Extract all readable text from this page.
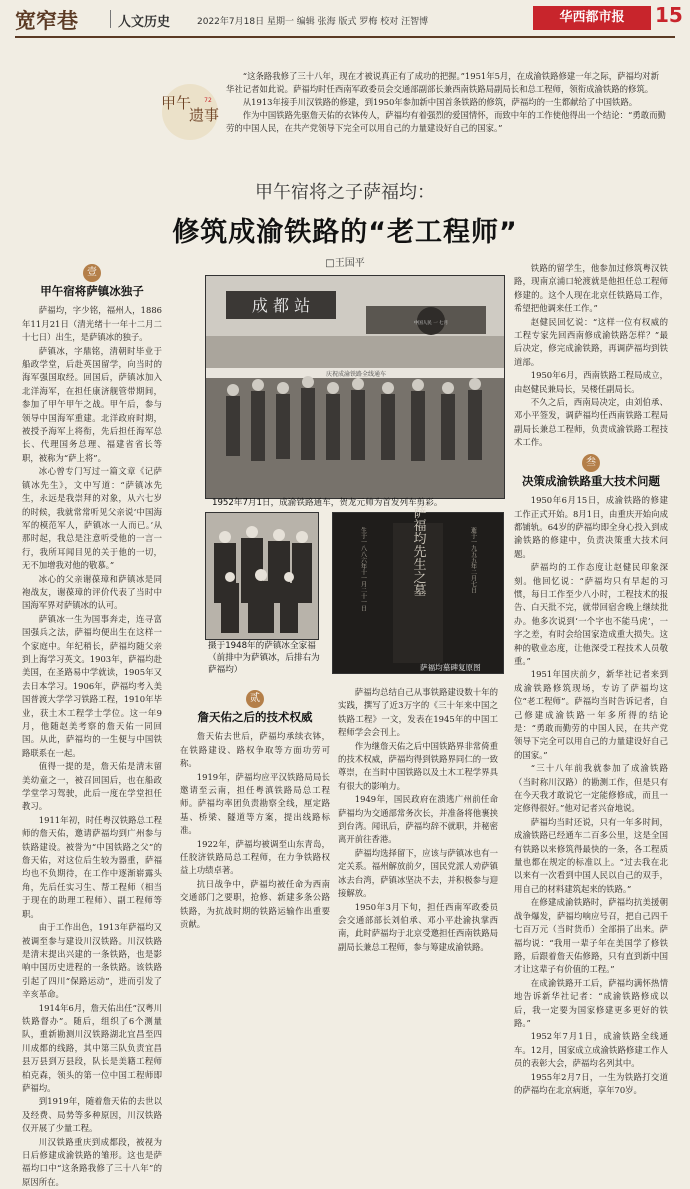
宽窄巷	人文历史	2022年7月18日 星期一 编辑 张海 版式 罗梅 校对 汪智博	华西都市报	15
甲午
遗事
72

“这条路我修了三十八年，现在才被说真正有了成功的把握。”1951年5月，在成渝铁路修建一年之际，萨福均对新华社记者如此说。萨福均时任西南军政委员会交通部副部长兼西南铁路局副局长和总工程师，领衔成渝铁路的修筑。

从1913年接手川汉铁路的修建，到1950年参加新中国首条铁路的修筑，萨福均的一生都献给了中国铁路。

作为中国铁路先驱詹天佑的衣钵传人，萨福均有着强烈的爱国情怀，而致中年的工作使他得出一个结论：“勇敢而勤劳的中国人民，在共产党领导下完全可以用自己的力量建设好自己的国家。”

甲午宿将之子萨福均：
修筑成渝铁路的“老工程师”
□王国平
壹
甲午宿将萨镇冰独子

萨福均，字少铭，福州人，1886年11月21日（清光绪十一年十二月二十七日）出生，是萨镇冰的独子。

萨镇冰，字鼎铭，清朝时毕业于船政学堂，后赴英国留学，向当时的海军强国取经。回国后，萨镇冰加入北洋海军，在担任康济舰管带期间，参加了甲午甲午之战。甲午后，参与领导中国海军重建。北洋政府时期，被授予海军上将衔，先后担任海军总长、代理国务总理、福建省省长等职，被称为“萨上将”。

冰心曾专门写过一篇文章《记萨镇冰先生》，文中写道：“萨镇冰先生，永远是我崇拜的对象，从六七岁的时候，我就常常听见父亲说‘中国海军的模范军人，萨镇冰一人而已。’从那时起，我总是注意听受他的一言一行，我所耳闻目见的关于他的一切，无不加增我对他的敬慕。”

冰心的父亲谢葆璋和萨镇冰是同袍战友，谢葆璋的评价代表了当时中国海军界对萨镇冰的认可。

萨镇冰一生为国事奔走，连寻富国强兵之法，萨福均便出生在这样一个家庭中。年纪稍长，萨福均随父亲到上海学习英文。1903年，萨福均赴美国，在圣路易中学就读，1905年又去日本学习。1906年，萨福均考入美国普渡大学学习铁路工程，1910年毕业，获土木工程学士学位。这一年9月，他随赵美考察的詹天佑一同回国。从此，萨福均的一生便与中国铁路联系在一起。

值得一提的是，詹天佑是清末留美幼童之一，被召回国后，也在船政学堂学习驾驶，此后一度在学堂担任教习。

1911年初，时任粤汉铁路总工程师的詹天佑，邀请萨福均到广州参与铁路建设。被誉为“中国铁路之父”的詹天佑，对这位后生较为器重，萨福均也不负期待，在工作中逐渐崭露头角，先后任实习生、帮工程师（相当于现在的助理工程师）、副工程师等职。

由于工作出色，1913年萨福均又被调至参与建设川汉铁路。川汉铁路是清末提出兴建的一条铁路，也是影响中国历史进程的一条铁路。该铁路引起了四川“保路运动”，进而引发了辛亥革命。

1914年6月，詹天佑出任“汉粤川铁路督办”。随后，组织了6个测量队，重新勘测川汉铁路湖北宜昌至四川成都的线路，其中第三队负责宜昌县万县到万县段，队长是美籍工程师柏克森，领头的第一位中国工程师即萨福均。

到1919年，随着詹天佑的去世以及经费、局势等多种原因，川汉铁路仅开展了少量工程。

川汉铁路重庆到成都段，被视为日后修建成渝铁路的雏形。这也是萨福均口中“这条路我修了三十八年”的原因所在。

成 都 站
中国人民 一 七月
庆祝成渝铁路全线通车
1952年7月1日，成渝铁路通车，贺龙元帅为首发列车剪彩。
摄于1948年的萨镇冰全家福（前排中为萨镇冰，后排右为萨福均）
萨福均先生之墓
生于一八八六年十一月二十一日	逝于一九五五年二月七日
萨福均墓碑复原图
贰
詹天佑之后的技术权威

詹天佑去世后，萨福均承续衣钵，在铁路建设、路权争取等方面功劳可称。

1919年，萨福均应平汉铁路局局长邀请至云南，担任粤滇铁路局总工程师。萨福均率团负责勘察全线，厘定路基、桥梁、隧道等方案，提出线路标准。

1922年，萨福均被调至山东青岛，任胶济铁路局总工程师，在力争铁路权益上功绩卓著。

抗日战争中，萨福均被任命为西南交通部门之要职，抢修、新建多条公路铁路，为抗战时期的铁路运输作出重要贡献。

萨福均总结自己从事铁路建设数十年的实践，撰写了近3万字的《三十年来中国之铁路工程》一文，发表在1945年的中国工程师学会会刊上。

作为继詹天佑之后中国铁路界非常倚重的技术权威，萨福均得到铁路界同仁的一致尊崇，在当时中国铁路以及土木工程学界具有很大的影响力。

1949年，国民政府在溃逃广州前任命萨福均为交通部常务次长，并准备将他裹挟到台湾。闻讯后，萨福均辞不就职，并秘密离开前往香港。

萨福均选择留下，应该与萨镇冰也有一定关系。福州解放前夕，国民党派人劝萨镇冰去台湾，萨镇冰坚决不去，并积极参与迎接解放。

1950年3月下旬，担任西南军政委员会交通部部长刘伯承、邓小平赴渝执掌西南，此时萨福均于北京受邀担任西南铁路局副局长兼总工程师，参与筹建成渝铁路。

铁路的留学生，他参加过修筑粤汉铁路，现南京浦口轮渡就是他担任总工程师修建的。这个人现在北京任铁路局工作，希望把他调来任工作。”

赵健民回忆说：“这样一位有权威的工程专家先回西南修成渝铁路怎样？”最后决定，修完成渝铁路，再调萨福均到铁道部。

1950年6月，西南铁路工程局成立，由赵健民兼局长，吴楼任副局长。

不久之后，西南局决定，由刘伯承、邓小平签发，调萨福均任西南铁路工程局副局长兼总工程师，负责成渝铁路工程技术工作。

叁
决策成渝铁路重大技术问题

1950年6月15日，成渝铁路的修建工作正式开始。8月1日，由重庆开始向成都铺轨。64岁的萨福均即全身心投入到成渝铁路的修建中，负责决策重大技术问题。

萨福均的工作态度让赵健民印象深刻。他回忆说：“萨福均只有早起的习惯，每日工作至少八小时，工程技术的报告、白天批不完，就带回宿舍晚上继续批办。他多次说到‘一个字也不能马虎’，一字之差，有时会给国家造成重大损失。这种的敬业态度，让他深受工程技术人员敬重。”

1951年国庆前夕，新华社记者来到成渝铁路修筑现场，专访了萨福均这位“老工程师”。萨福均当时告诉记者，自己修建成渝铁路一年多所得的结论是：“勇敢而勤劳的中国人民，在共产党领导下完全可以用自己的力量建设好自己的国家。”

“三十八年前我就参加了成渝铁路（当时称川汉路）的勘测工作，但是只有在今天我才敢说它一定能修修成，而且一定修得很好。”他对记者兴奋地说。

萨福均当时还说，只有一年多时间，成渝铁路已经通车二百多公里，这是全国有铁路以来修筑得最快的一条，各工程质量也都在规定的标准以上。“过去我在北以来有一次看到中国人民以自己的双手，用自己的材料建筑起来的铁路。”

在修建成渝铁路时，萨福均抗美援朝战争爆发，萨福均响应号召，把自己四千七百万元（当时货币）全部捐了出来。萨福均说：“我用一辈子年在美国学了修铁路，后跟着詹天佑修路，只有直到新中国才让这辈子有价值的工程。”

在成渝铁路开工后，萨福均满怀热情地告诉新华社记者：“成渝铁路修成以后，我一定要为国家修建更多更好的铁路。”

1952年7月1日，成渝铁路全线通车。12月，国家成立成渝铁路修建工作人员的表彰大会，萨福均名列其中。

1955年2月7日，一生为铁路打交道的萨福均在北京病逝，享年70岁。
